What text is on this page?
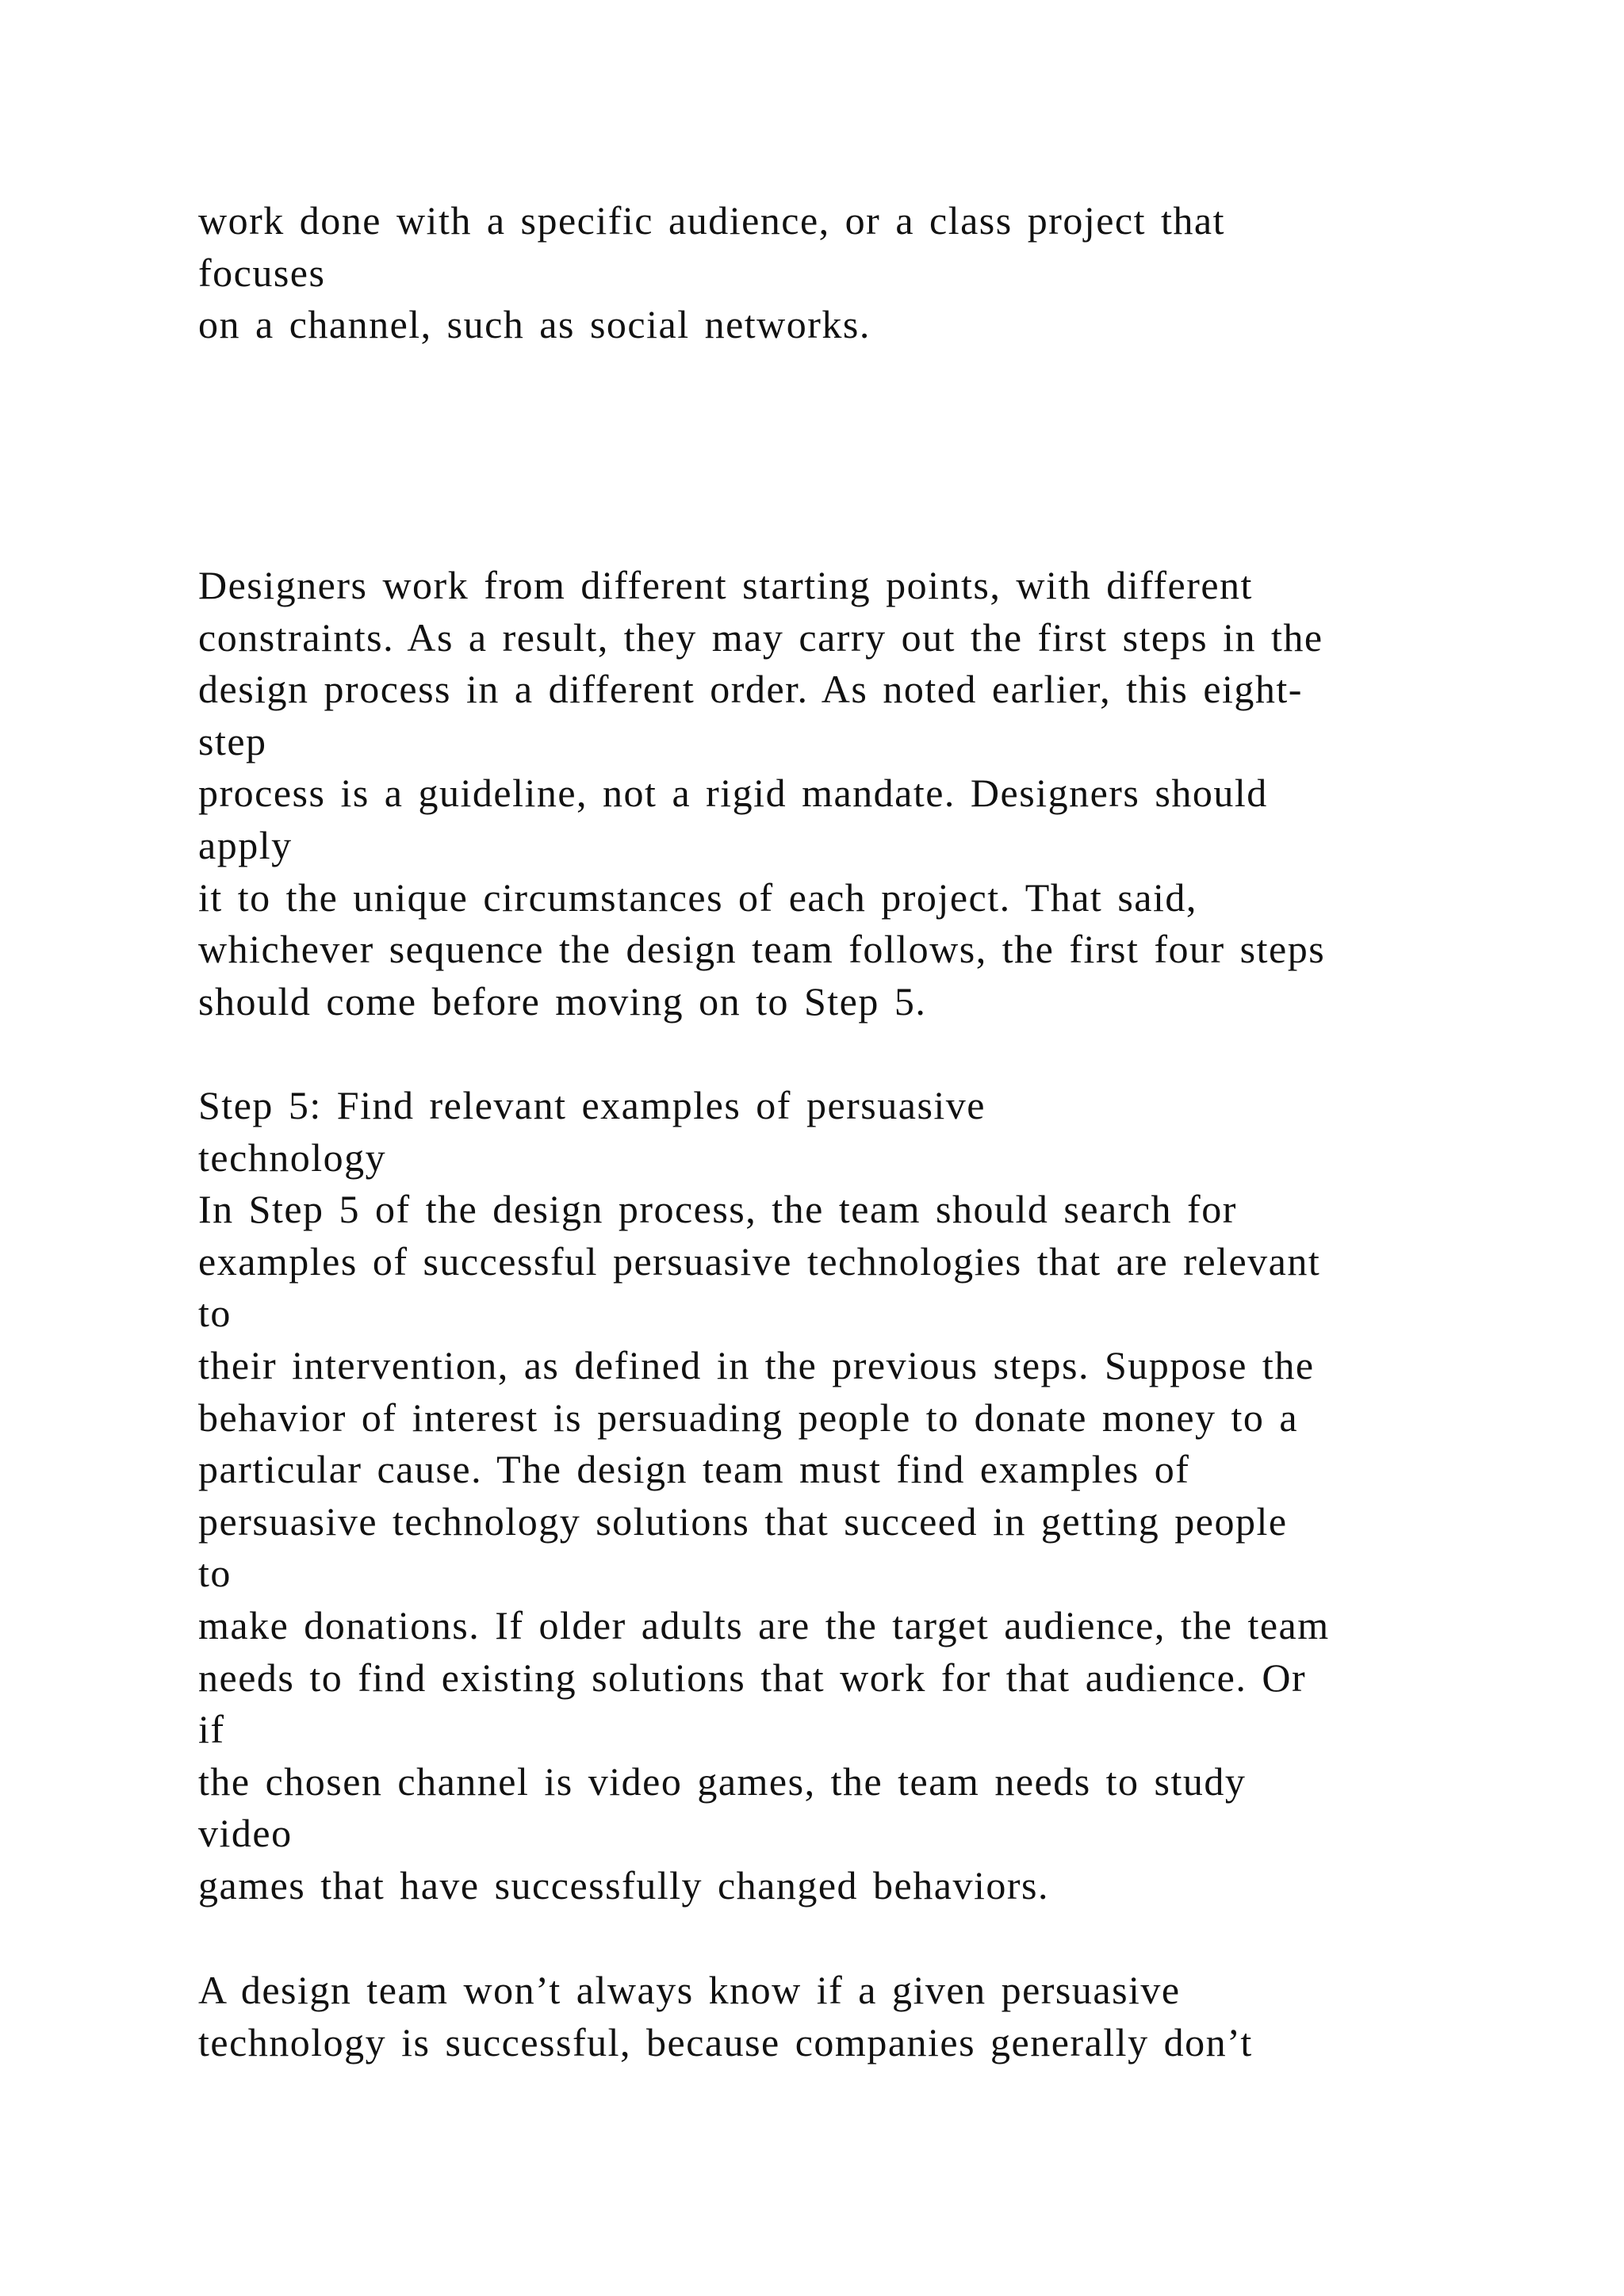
work done with a specific audience, or a class project that
focuses
on a channel, such as social networks.
Designers work from different starting points, with different
constraints. As a result, they may carry out the first steps in the
design process in a different order. As noted earlier, this eight-
step
process is a guideline, not a rigid mandate. Designers should
apply
it to the unique circumstances of each project. That said,
whichever sequence the design team follows, the first four steps
should come before moving on to Step 5.
Step 5: Find relevant examples of persuasive
technology
In Step 5 of the design process, the team should search for
examples of successful persuasive technologies that are relevant
to
their intervention, as defined in the previous steps. Suppose the
behavior of interest is persuading people to donate money to a
particular cause. The design team must find examples of
persuasive technology solutions that succeed in getting people
to
make donations. If older adults are the target audience, the team
needs to find existing solutions that work for that audience. Or
if
the chosen channel is video games, the team needs to study
video
games that have successfully changed behaviors.
A design team won’t always know if a given persuasive
technology is successful, because companies generally don’t
